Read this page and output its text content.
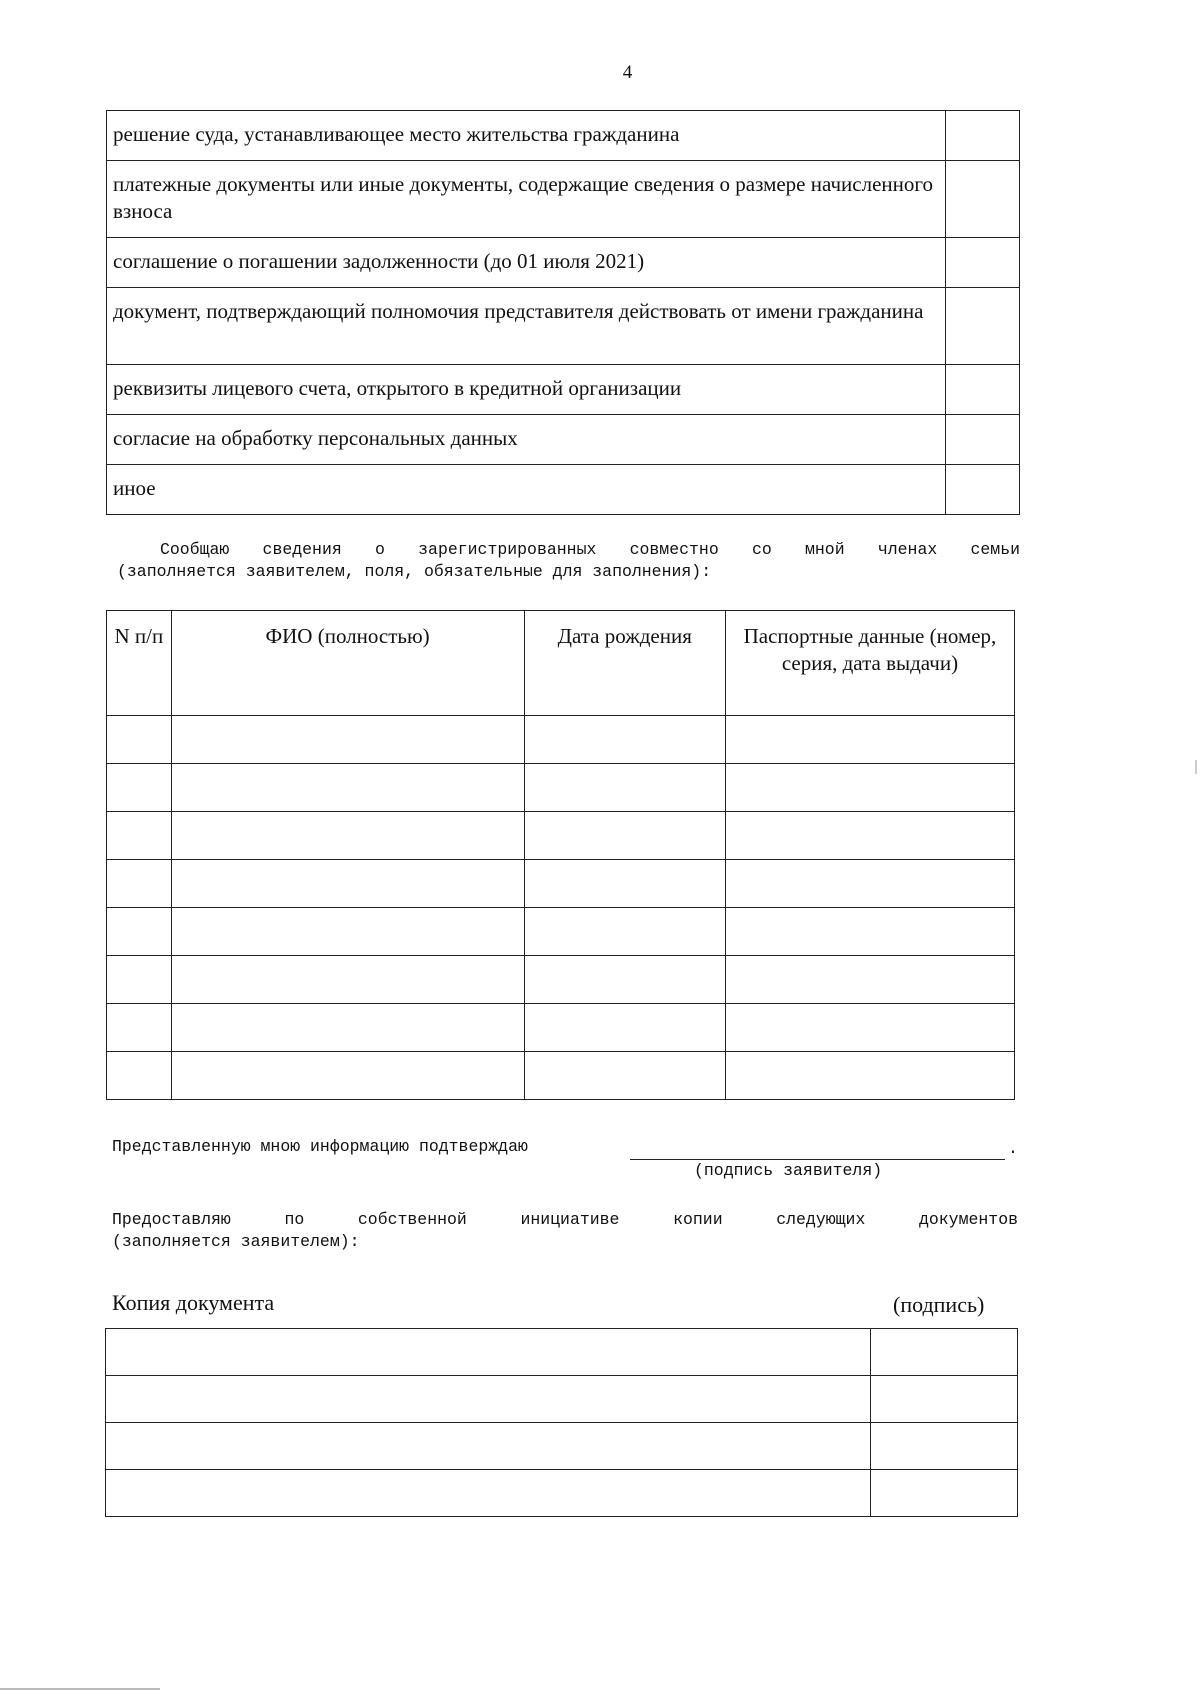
4
решение суда, устанавливающее место жительства гражданина	
платежные документы или иные документы, содержащие сведения о размере начисленного взноса	
соглашение о погашении задолженности (до 01 июля 2021)	
документ, подтверждающий полномочия представителя действовать от имени гражданина	
реквизиты лицевого счета, открытого в кредитной организации	
согласие на обработку персональных данных	
иное	
Сообщаю сведения о зарегистрированных совместно со мной членах семьи
(заполняется заявителем, поля, обязательные для заполнения):
N п/п	ФИО (полностью)	Дата рождения	Паспортные данные (номер, серия, дата выдачи)

Представленную мною информацию подтверждаю	.
(подпись заявителя)
Предоставляю по собственной инициативе копии следующих документов
(заполняется заявителем):
Копия документа	(подпись)
